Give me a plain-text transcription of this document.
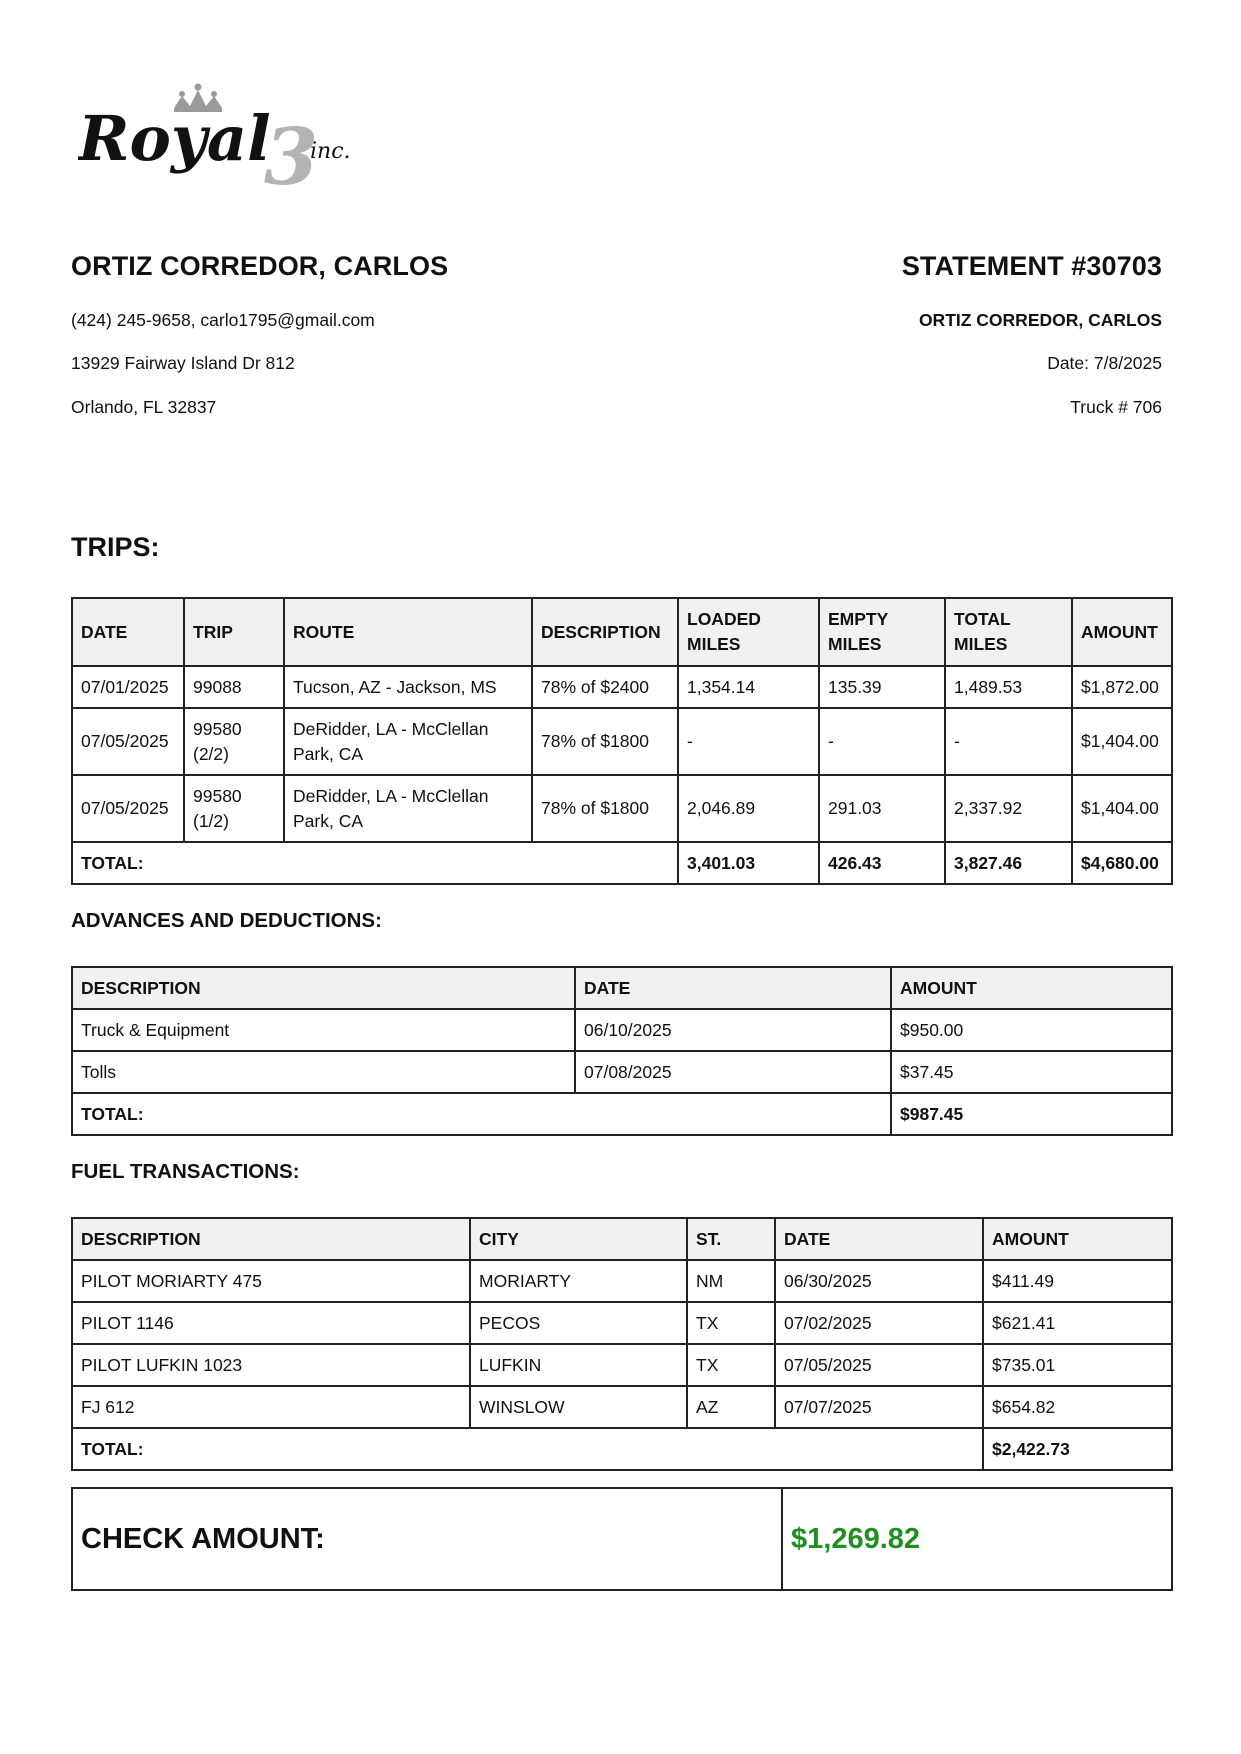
Royal
3
inc.
ORTIZ CORREDOR, CARLOS

(424) 245-9658, carlo1795@gmail.com

13929 Fairway Island Dr 812

Orlando, FL 32837

STATEMENT #30703

ORTIZ CORREDOR, CARLOS

Date: 7/8/2025

Truck # 706

TRIPS:
DATE	TRIP	ROUTE	DESCRIPTION	LOADED MILES	EMPTY MILES	TOTAL MILES	AMOUNT
07/01/2025	99088	Tucson, AZ - Jackson, MS	78% of $2400	1,354.14	135.39	1,489.53	$1,872.00
07/05/2025	99580 (2/2)	DeRidder, LA - McClellan Park, CA	78% of $1800	-	-	-	$1,404.00
07/05/2025	99580 (1/2)	DeRidder, LA - McClellan Park, CA	78% of $1800	2,046.89	291.03	2,337.92	$1,404.00
TOTAL:				3,401.03	426.43	3,827.46	$4,680.00
ADVANCES AND DEDUCTIONS:
DESCRIPTION	DATE	AMOUNT
Truck & Equipment	06/10/2025	$950.00
Tolls	07/08/2025	$37.45
TOTAL:		$987.45
FUEL TRANSACTIONS:
DESCRIPTION	CITY	ST.	DATE	AMOUNT
PILOT MORIARTY 475	MORIARTY	NM	06/30/2025	$411.49
PILOT 1146	PECOS	TX	07/02/2025	$621.41
PILOT LUFKIN 1023	LUFKIN	TX	07/05/2025	$735.01
FJ 612	WINSLOW	AZ	07/07/2025	$654.82
TOTAL:				$2,422.73
CHECK AMOUNT:	$1,269.82
